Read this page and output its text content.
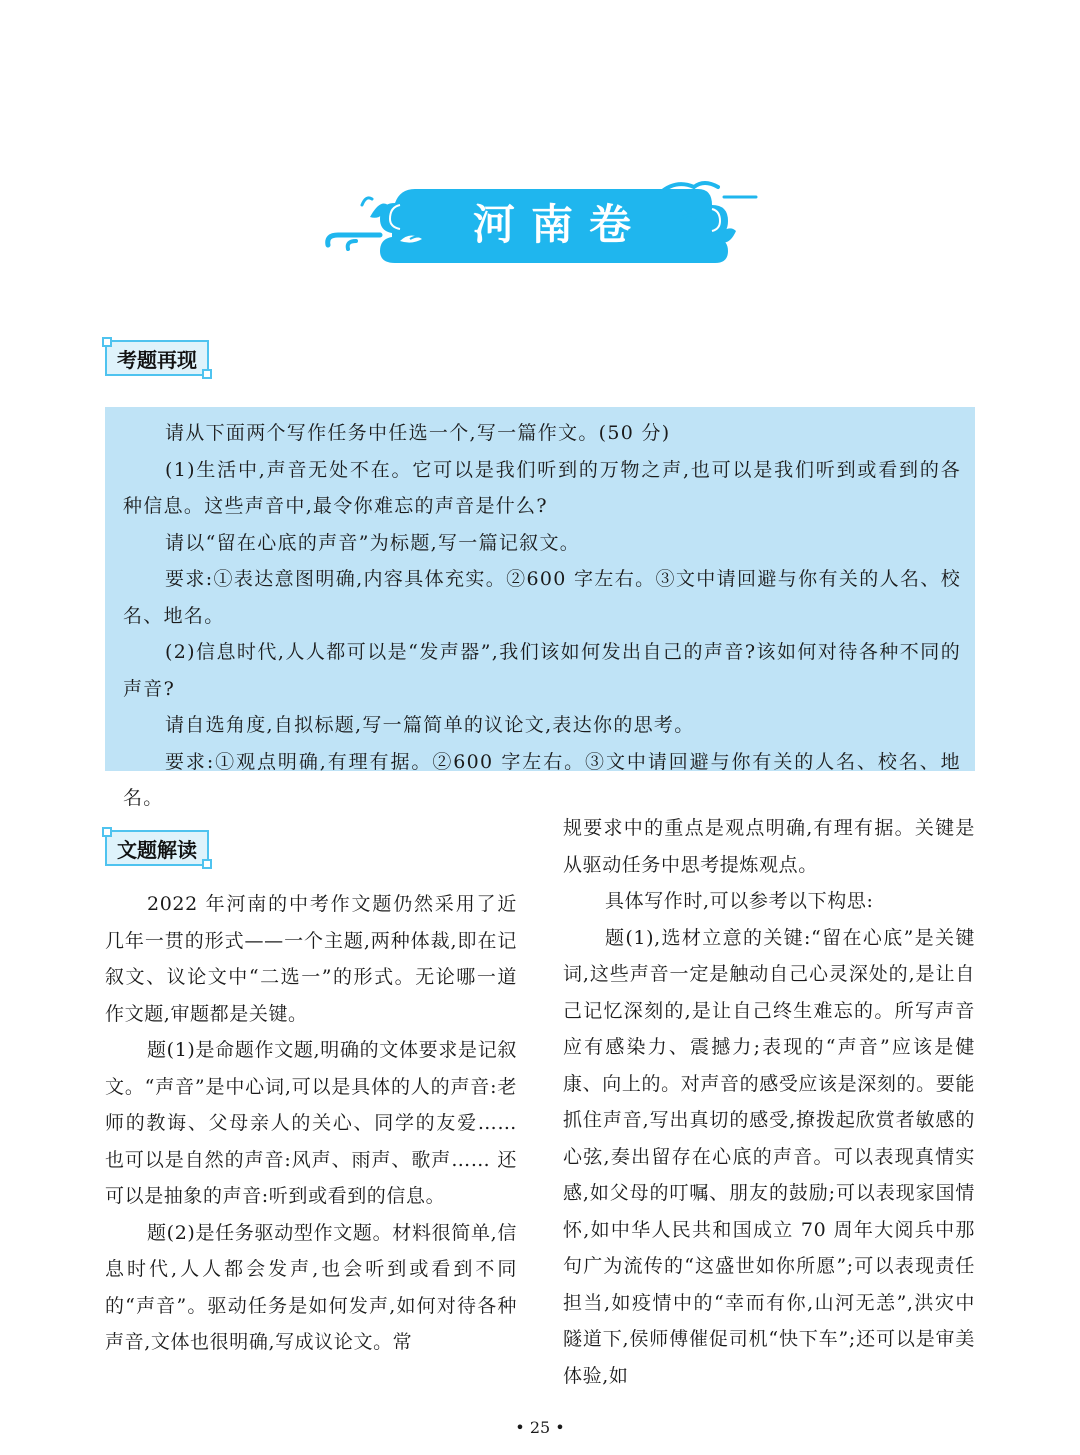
河南卷
考题再现

请从下面两个写作任务中任选一个,写一篇作文。(50 分)

(1)生活中,声音无处不在。它可以是我们听到的万物之声,也可以是我们听到或看到的各种信息。这些声音中,最令你难忘的声音是什么?

请以“留在心底的声音”为标题,写一篇记叙文。

要求:①表达意图明确,内容具体充实。②600 字左右。③文中请回避与你有关的人名、校名、地名。

(2)信息时代,人人都可以是“发声器”,我们该如何发出自己的声音?该如何对待各种不同的声音?

请自选角度,自拟标题,写一篇简单的议论文,表达你的思考。

要求:①观点明确,有理有据。②600 字左右。③文中请回避与你有关的人名、校名、地名。

文题解读

2022 年河南的中考作文题仍然采用了近几年一贯的形式——一个主题,两种体裁,即在记叙文、议论文中“二选一”的形式。无论哪一道作文题,审题都是关键。

题(1)是命题作文题,明确的文体要求是记叙文。“声音”是中心词,可以是具体的人的声音:老师的教诲、父母亲人的关心、同学的友爱…… 也可以是自然的声音:风声、雨声、歌声…… 还可以是抽象的声音:听到或看到的信息。

题(2)是任务驱动型作文题。材料很简单,信息时代,人人都会发声,也会听到或看到不同的“声音”。驱动任务是如何发声,如何对待各种声音,文体也很明确,写成议论文。常

规要求中的重点是观点明确,有理有据。关键是从驱动任务中思考提炼观点。

具体写作时,可以参考以下构思:

题(1),选材立意的关键:“留在心底”是关键词,这些声音一定是触动自己心灵深处的,是让自己记忆深刻的,是让自己终生难忘的。所写声音应有感染力、震撼力;表现的“声音”应该是健康、向上的。对声音的感受应该是深刻的。要能抓住声音,写出真切的感受,撩拨起欣赏者敏感的心弦,奏出留存在心底的声音。可以表现真情实感,如父母的叮嘱、朋友的鼓励;可以表现家国情怀,如中华人民共和国成立 70 周年大阅兵中那句广为流传的“这盛世如你所愿”;可以表现责任担当,如疫情中的“幸而有你,山河无恙”,洪灾中隧道下,侯师傅催促司机“快下车”;还可以是审美体验,如

• 25 •
